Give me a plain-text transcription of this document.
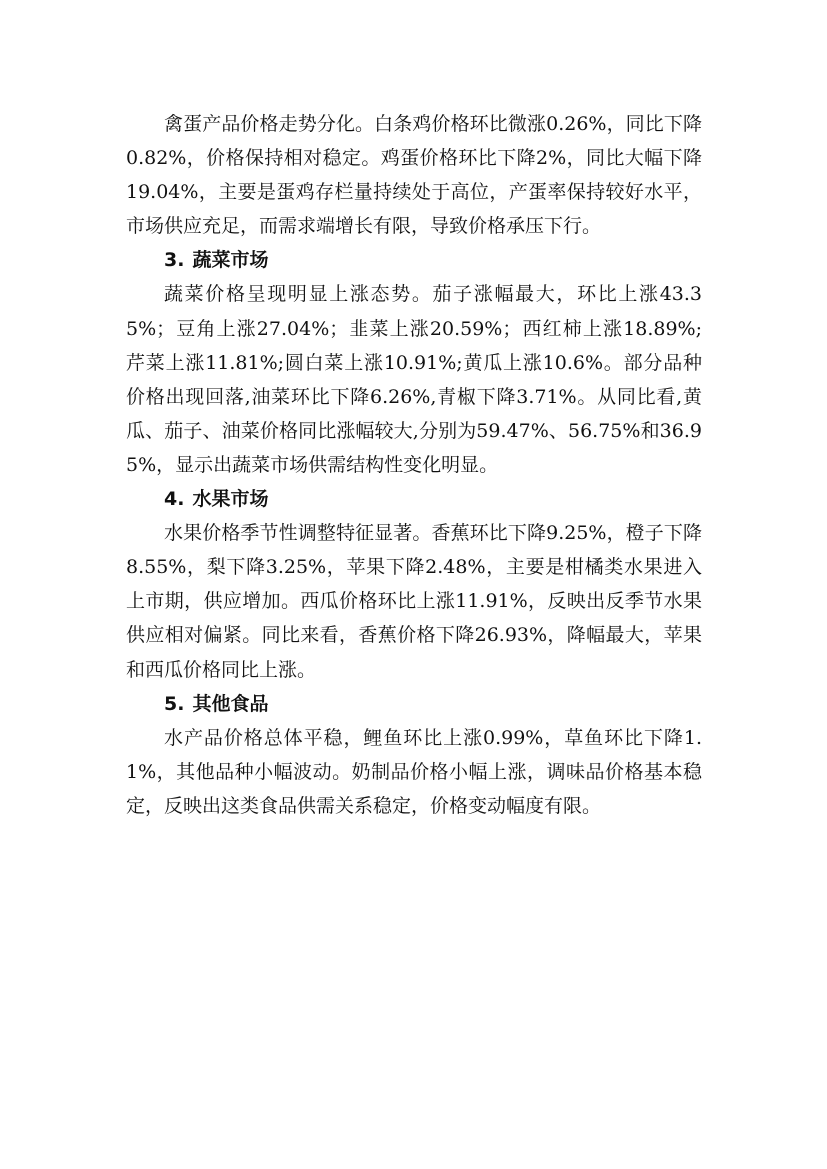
禽蛋产品价格走势分化。白条鸡价格环比微涨0.26%，同比下降0.82%，价格保持相对稳定。鸡蛋价格环比下降2%，同比大幅下降19.04%，主要是蛋鸡存栏量持续处于高位，产蛋率保持较好水平，市场供应充足，而需求端增长有限，导致价格承压下行。

3. 蔬菜市场

蔬菜价格呈现明显上涨态势。茄子涨幅最大，环比上涨43.35%；豆角上涨27.04%；韭菜上涨20.59%；西红柿上涨18.89%;芹菜上涨11.81%;圆白菜上涨10.91%;黄瓜上涨10.6%。部分品种价格出现回落,油菜环比下降6.26%,青椒下降3.71%。从同比看,黄瓜、茄子、油菜价格同比涨幅较大,分别为59.47%、56.75%和36.95%，显示出蔬菜市场供需结构性变化明显。

4. 水果市场

水果价格季节性调整特征显著。香蕉环比下降9.25%，橙子下降8.55%，梨下降3.25%，苹果下降2.48%，主要是柑橘类水果进入上市期，供应增加。西瓜价格环比上涨11.91%，反映出反季节水果供应相对偏紧。同比来看，香蕉价格下降26.93%，降幅最大，苹果和西瓜价格同比上涨。

5. 其他食品

水产品价格总体平稳，鲤鱼环比上涨0.99%，草鱼环比下降1.1%，其他品种小幅波动。奶制品价格小幅上涨，调味品价格基本稳定，反映出这类食品供需关系稳定，价格变动幅度有限。
